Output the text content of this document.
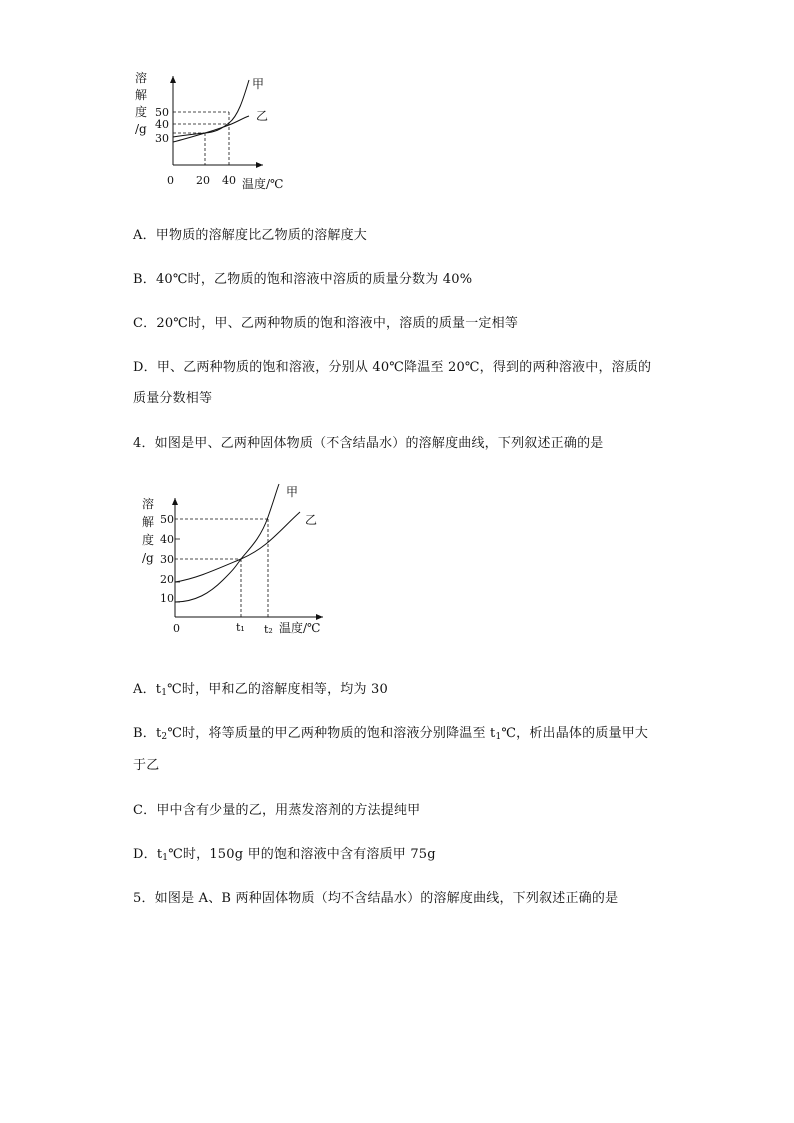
溶
解
度
/g
50
40
30
0 20 40 温度/℃
甲
乙
A．甲物质的溶解度比乙物质的溶解度大
B．40℃时，乙物质的饱和溶液中溶质的质量分数为 40%
C．20℃时，甲、乙两种物质的饱和溶液中，溶质的质量一定相等
D．甲、乙两种物质的饱和溶液，分别从 40℃降温至 20℃，得到的两种溶液中，溶质的
质量分数相等
4．如图是甲、乙两种固体物质（不含结晶水）的溶解度曲线，下列叙述正确的是
溶
解
度
/g
50
40
30
20
10
0	t₁ t₂ 温度/℃
甲
乙
A．$t_1℃$时，甲和乙的溶解度相等，均为 30
B．$t_2℃$时，将等质量的甲乙两种物质的饱和溶液分别降温至 $t_1℃$，析出晶体的质量甲大
于乙
C．甲中含有少量的乙，用蒸发溶剂的方法提纯甲
D．$t_1℃$时，150g 甲的饱和溶液中含有溶质甲 75g
5．如图是 A、B 两种固体物质（均不含结晶水）的溶解度曲线，下列叙述正确的是
